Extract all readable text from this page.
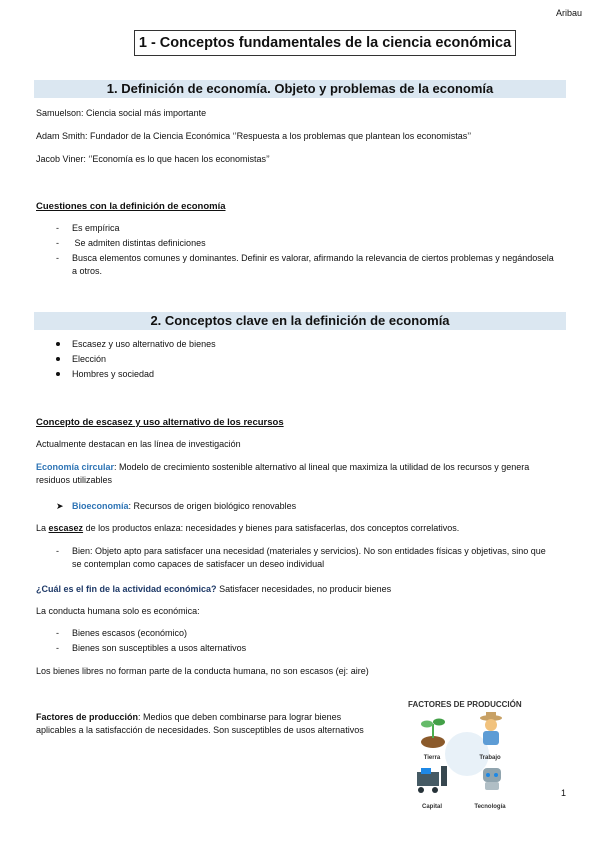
Aribau
1 - Conceptos fundamentales de la ciencia económica
1. Definición de economía. Objeto y problemas de la economía
Samuelson: Ciencia social más importante
Adam Smith: Fundador de la Ciencia Económica ‘’Respuesta a los problemas que plantean los economistas’’
Jacob Viner: ‘’Economía es lo que hacen los economistas’’
Cuestiones con la definición de economía
- Es empírica
- Se admiten distintas definiciones
- Busca elementos comunes y dominantes. Definir es valorar, afirmando la relevancia de ciertos problemas y negándosela a otros.
2. Conceptos clave en la definición de economía
Escasez y uso alternativo de bienes
Elección
Hombres y sociedad
Concepto de escasez y uso alternativo de los recursos
Actualmente destacan en las línea de investigación
Economía circular: Modelo de crecimiento sostenible alternativo al lineal que maximiza la utilidad de los recursos y genera residuos utilizables
➤ Bioeconomía: Recursos de origen biológico renovables
La escasez de los productos enlaza: necesidades y bienes para satisfacerlas, dos conceptos correlativos.
- Bien: Objeto apto para satisfacer una necesidad (materiales y servicios). No son entidades físicas y objetivas, sino que se contemplan como capaces de satisfacer un deseo individual
¿Cuál es el fin de la actividad económica? Satisfacer necesidades, no producir bienes
La conducta humana solo es económica:
- Bienes escasos (económico)
- Bienes son susceptibles a usos alternativos
Los bienes libres no forman parte de la conducta humana, no son escasos (ej: aire)
Factores de producción: Medios que deben combinarse para lograr bienes aplicables a la satisfacción de necesidades. Son susceptibles de usos alternativos
FACTORES DE PRODUCCIÓN
Tierra	Trabajo
Capital	Tecnología
1
